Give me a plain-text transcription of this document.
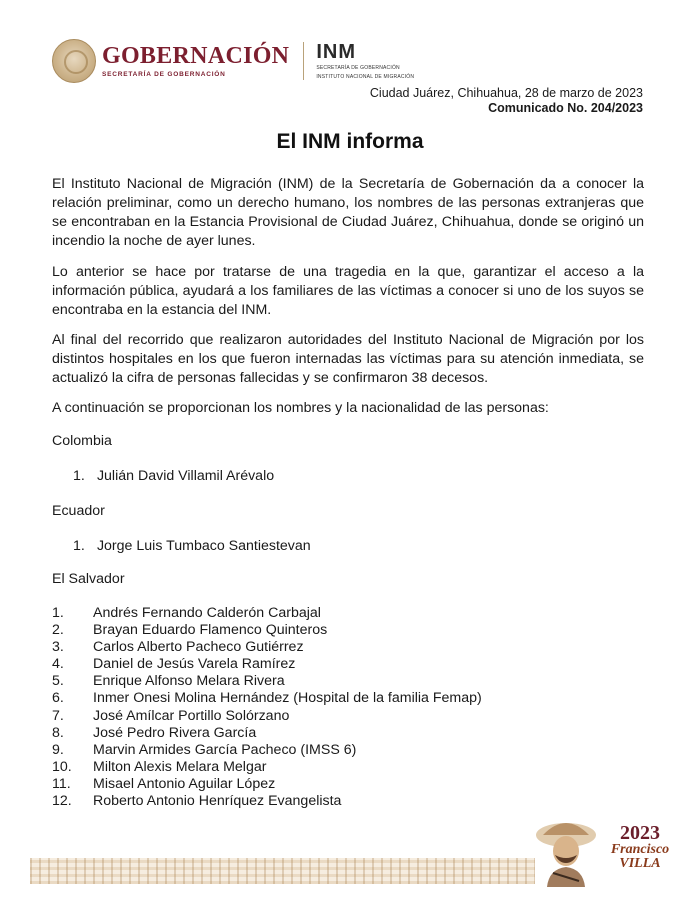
GOBERNACIÓN
SECRETARÍA DE GOBERNACIÓN
INM
SECRETARÍA DE GOBERNACIÓN
INSTITUTO NACIONAL DE MIGRACIÓN
Ciudad Juárez, Chihuahua, 28 de marzo de 2023
Comunicado No. 204/2023
El INM informa
El Instituto Nacional de Migración (INM) de la Secretaría de Gobernación da a conocer la relación preliminar, como un derecho humano, los nombres de las personas extranjeras que se encontraban en la Estancia Provisional de Ciudad Juárez, Chihuahua, donde se originó un incendio la noche de ayer lunes.
Lo anterior se hace por tratarse de una tragedia en la que, garantizar el acceso a la información pública, ayudará a los familiares de las víctimas a conocer si uno de los suyos se encontraba en la estancia del INM.
Al final del recorrido que realizaron autoridades del Instituto Nacional de Migración por los distintos hospitales en los que fueron internadas las víctimas para su atención inmediata, se actualizó la cifra de personas fallecidas y se confirmaron 38 decesos.
A continuación se proporcionan los nombres y la nacionalidad de las personas:
Colombia
1. Julián David Villamil Arévalo
Ecuador
1. Jorge Luis Tumbaco Santiestevan
El Salvador
1.	Andrés Fernando Calderón Carbajal
2.	Brayan Eduardo Flamenco Quinteros
3.	Carlos Alberto Pacheco Gutiérrez
4.	Daniel de Jesús Varela Ramírez
5.	Enrique Alfonso Melara Rivera
6.	Inmer Onesi Molina Hernández (Hospital de la familia Femap)
7.	José Amílcar Portillo Solórzano
8.	José Pedro Rivera García
9.	Marvin Armides García Pacheco (IMSS 6)
10.	Milton Alexis Melara Melgar
11.	Misael Antonio Aguilar López
12.	Roberto Antonio Henríquez Evangelista
2023
Francisco
VILLA
